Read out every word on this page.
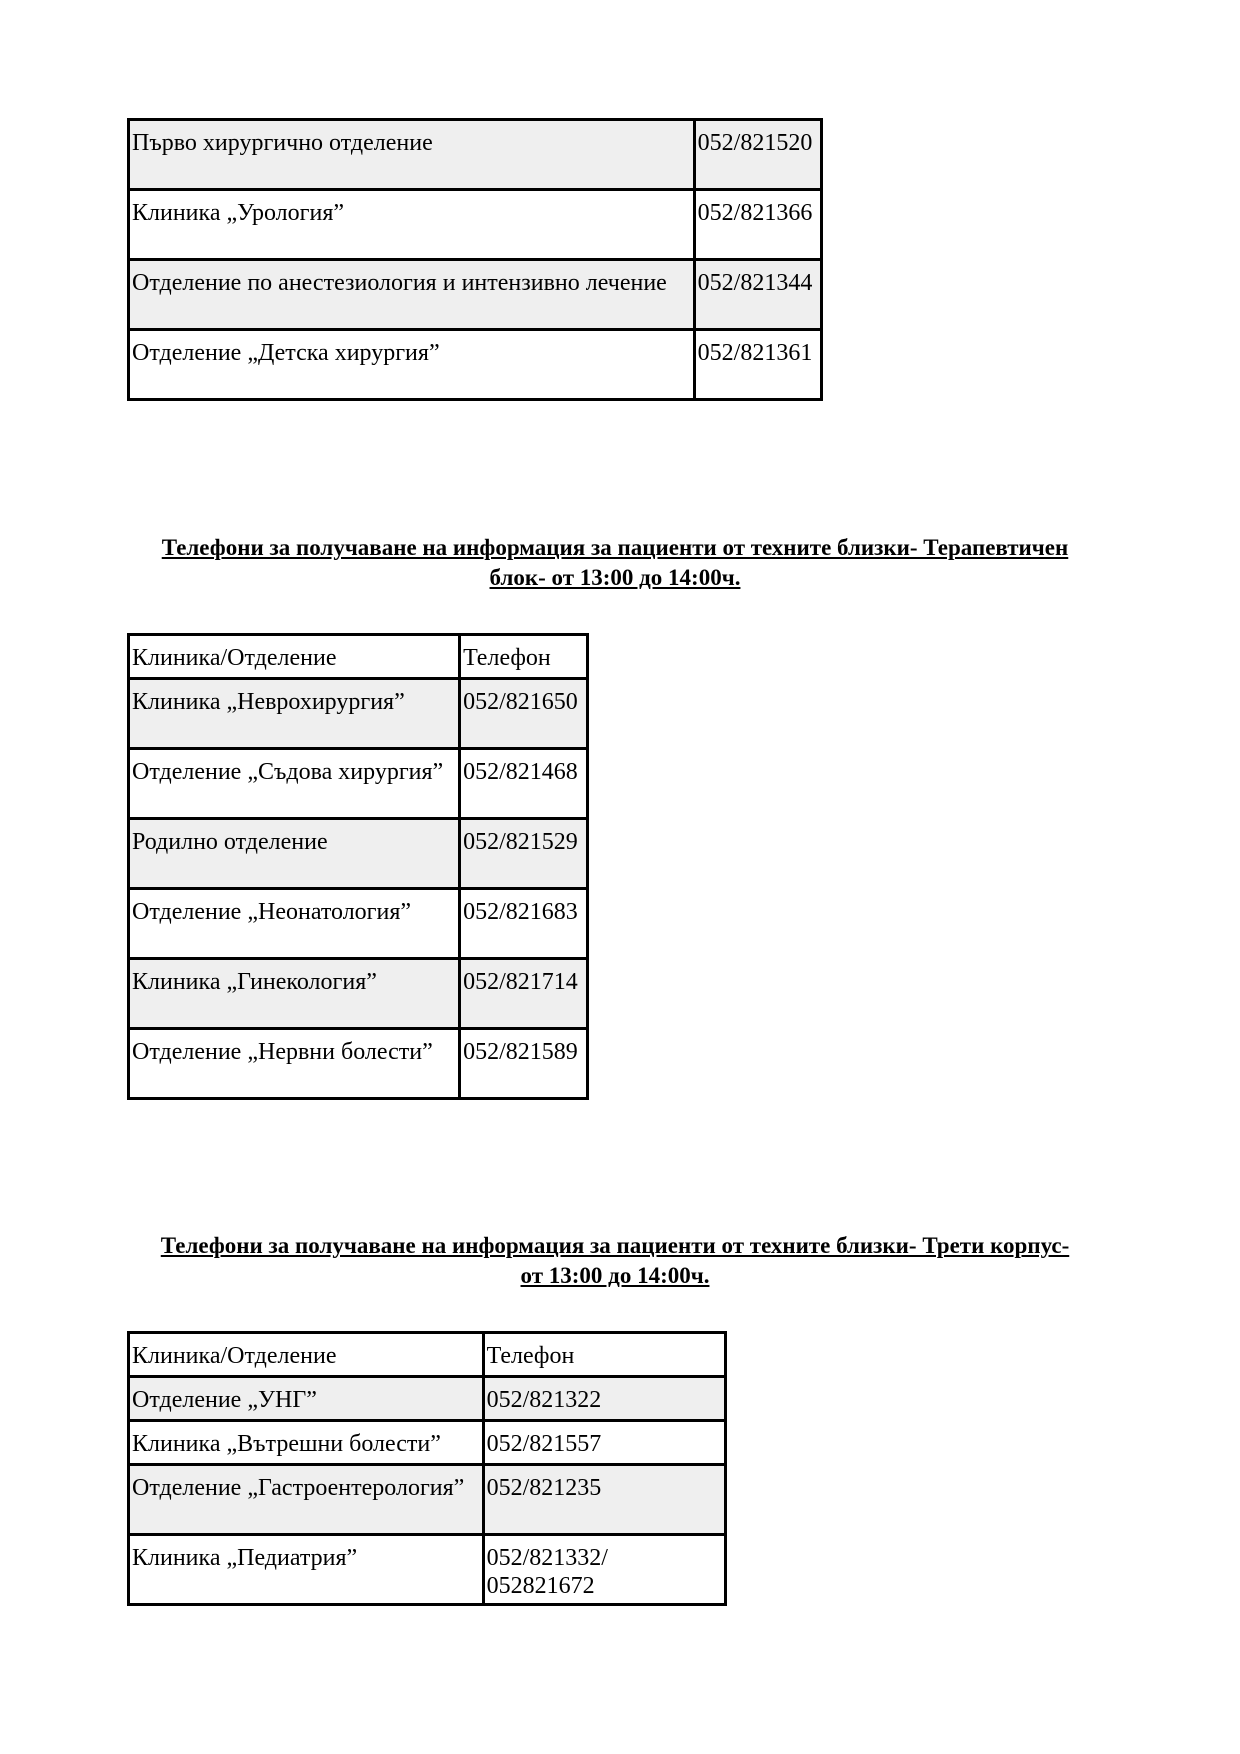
Първо хирургично отделение	052/821520
Клиника „Урология”	052/821366
Отделение по анестезиология и интензивно лечение	052/821344
Отделение „Детска хирургия”	052/821361
Телефони за получаване на информация за пациенти от техните близки- Терапевтичен
блок- от 13:00 до 14:00ч.
Клиника/Отделение	Телефон
Клиника „Неврохирургия”	052/821650
Отделение „Съдова хирургия”	052/821468
Родилно отделение	052/821529
Отделение „Неонатология”	052/821683
Клиника „Гинекология”	052/821714
Отделение „Нервни болести”	052/821589
Телефони за получаване на информация за пациенти от техните близки- Трети корпус-
от 13:00 до 14:00ч.
Клиника/Отделение	Телефон
Отделение „УНГ”	052/821322
Клиника „Вътрешни болести”	052/821557
Отделение „Гастроентерология”	052/821235
Клиника „Педиатрия”	052/821332/
052821672
